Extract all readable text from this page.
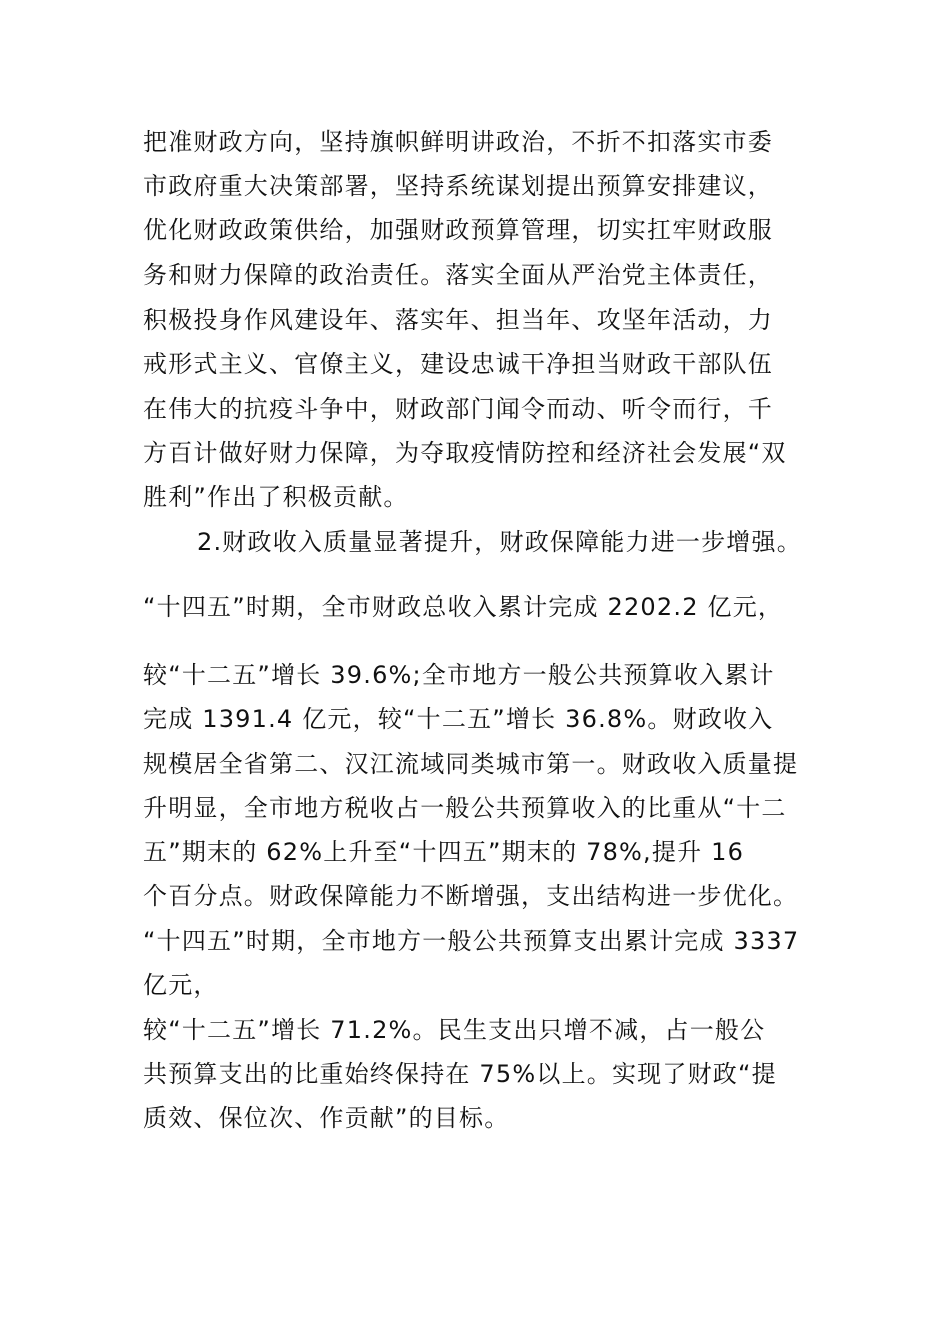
把准财政方向，坚持旗帜鲜明讲政治，不折不扣落实市委
市政府重大决策部署，坚持系统谋划提出预算安排建议，
优化财政政策供给，加强财政预算管理，切实扛牢财政服
务和财力保障的政治责任。落实全面从严治党主体责任，
积极投身作风建设年、落实年、担当年、攻坚年活动，力
戒形式主义、官僚主义，建设忠诚干净担当财政干部队伍
在伟大的抗疫斗争中，财政部门闻令而动、听令而行，千
方百计做好财力保障，为夺取疫情防控和经济社会发展“双
胜利”作出了积极贡献。
2.财政收入质量显著提升，财政保障能力进一步增强。
“十四五”时期，全市财政总收入累计完成 2202.2 亿元，
较“十二五”增长 39.6%;全市地方一般公共预算收入累计
完成 1391.4 亿元，较“十二五”增长 36.8%。财政收入
规模居全省第二、汉江流域同类城市第一。财政收入质量提
升明显，全市地方税收占一般公共预算收入的比重从“十二
五”期末的 62%上升至“十四五”期末的 78%,提升 16
个百分点。财政保障能力不断增强，支出结构进一步优化。
“十四五”时期，全市地方一般公共预算支出累计完成 3337
亿元，
较“十二五”增长 71.2%。民生支出只增不减，占一般公
共预算支出的比重始终保持在 75%以上。实现了财政“提
质效、保位次、作贡献”的目标。
